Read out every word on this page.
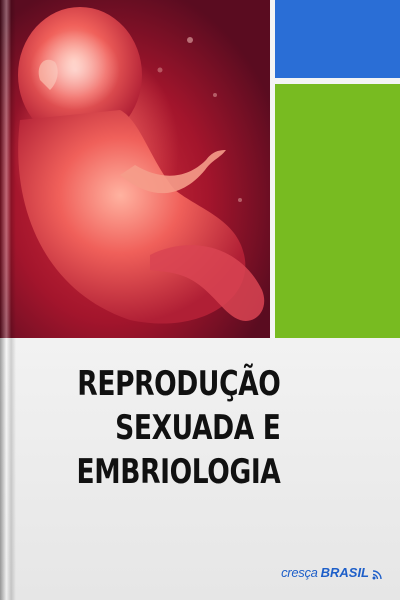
REPRODUÇÃO
SEXUADA E
EMBRIOLOGIA
cresça BRASIL
